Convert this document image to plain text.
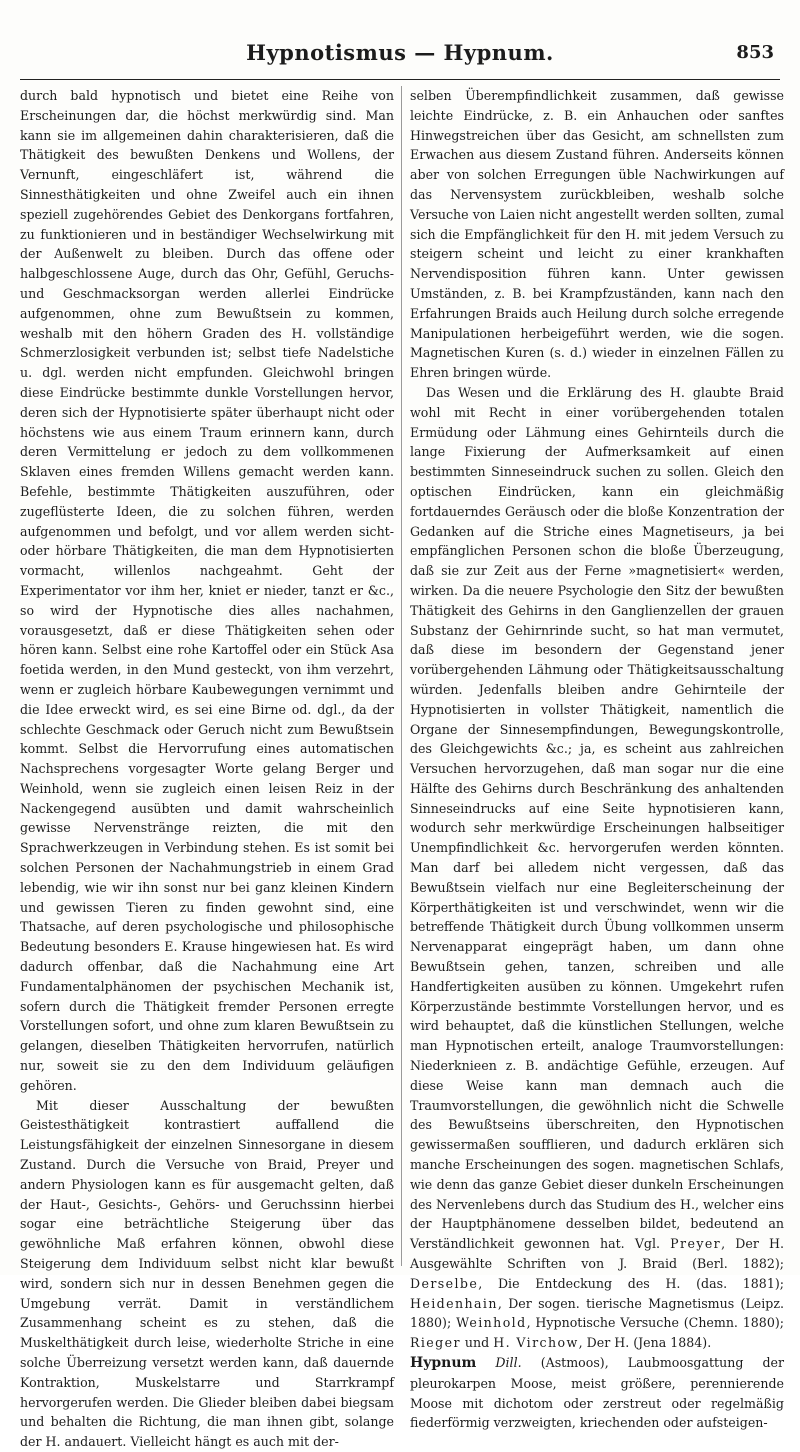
Hypnotismus — Hypnum.	853

durch bald hypnotisch und bietet eine Reihe von Erscheinungen dar, die höchst merkwürdig sind. Man kann sie im allgemeinen dahin charakterisieren, daß die Thätigkeit des bewußten Denkens und Wollens, der Vernunft, eingeschläfert ist, während die Sinnesthätigkeiten und ohne Zweifel auch ein ihnen speziell zugehörendes Gebiet des Denkorgans fortfahren, zu funktionieren und in beständiger Wechselwirkung mit der Außenwelt zu bleiben. Durch das offene oder halbgeschlossene Auge, durch das Ohr, Gefühl, Geruchs- und Geschmacksorgan werden allerlei Eindrücke aufgenommen, ohne zum Bewußtsein zu kommen, weshalb mit den höhern Graden des H. vollständige Schmerzlosigkeit verbunden ist; selbst tiefe Nadelstiche u. dgl. werden nicht empfunden. Gleichwohl bringen diese Eindrücke bestimmte dunkle Vorstellungen hervor, deren sich der Hypnotisierte später überhaupt nicht oder höchstens wie aus einem Traum erinnern kann, durch deren Vermittelung er jedoch zu dem vollkommenen Sklaven eines fremden Willens gemacht werden kann. Befehle, bestimmte Thätigkeiten auszuführen, oder zugeflüsterte Ideen, die zu solchen führen, werden aufgenommen und befolgt, und vor allem werden sicht- oder hörbare Thätigkeiten, die man dem Hypnotisierten vormacht, willenlos nachgeahmt. Geht der Experimentator vor ihm her, kniet er nieder, tanzt er &c., so wird der Hypnotische dies alles nachahmen, vorausgesetzt, daß er diese Thätigkeiten sehen oder hören kann. Selbst eine rohe Kartoffel oder ein Stück Asa foetida werden, in den Mund gesteckt, von ihm verzehrt, wenn er zugleich hörbare Kaubewegungen vernimmt und die Idee erweckt wird, es sei eine Birne od. dgl., da der schlechte Geschmack oder Geruch nicht zum Bewußtsein kommt. Selbst die Hervorrufung eines automatischen Nachsprechens vorgesagter Worte gelang Berger und Weinhold, wenn sie zugleich einen leisen Reiz in der Nackengegend ausübten und damit wahrscheinlich gewisse Nervenstränge reizten, die mit den Sprachwerkzeugen in Verbindung stehen. Es ist somit bei solchen Personen der Nachahmungstrieb in einem Grad lebendig, wie wir ihn sonst nur bei ganz kleinen Kindern und gewissen Tieren zu finden gewohnt sind, eine Thatsache, auf deren psychologische und philosophische Bedeutung besonders E. Krause hingewiesen hat. Es wird dadurch offenbar, daß die Nachahmung eine Art Fundamentalphänomen der psychischen Mechanik ist, sofern durch die Thätigkeit fremder Personen erregte Vorstellungen sofort, und ohne zum klaren Bewußtsein zu gelangen, dieselben Thätigkeiten hervorrufen, natürlich nur, soweit sie zu den dem Individuum geläufigen gehören.

Mit dieser Ausschaltung der bewußten Geistesthätigkeit kontrastiert auffallend die Leistungsfähigkeit der einzelnen Sinnesorgane in diesem Zustand. Durch die Versuche von Braid, Preyer und andern Physiologen kann es für ausgemacht gelten, daß der Haut-, Gesichts-, Gehörs- und Geruchssinn hierbei sogar eine beträchtliche Steigerung über das gewöhnliche Maß erfahren können, obwohl diese Steigerung dem Individuum selbst nicht klar bewußt wird, sondern sich nur in dessen Benehmen gegen die Umgebung verrät. Damit in verständlichem Zusammenhang scheint es zu stehen, daß die Muskelthätigkeit durch leise, wiederholte Striche in eine solche Überreizung versetzt werden kann, daß dauernde Kontraktion, Muskelstarre und Starrkrampf hervorgerufen werden. Die Glieder bleiben dabei biegsam und behalten die Richtung, die man ihnen gibt, solange der H. andauert. Vielleicht hängt es auch mit der-

selben Überempfindlichkeit zusammen, daß gewisse leichte Eindrücke, z. B. ein Anhauchen oder sanftes Hinwegstreichen über das Gesicht, am schnellsten zum Erwachen aus diesem Zustand führen. Anderseits können aber von solchen Erregungen üble Nachwirkungen auf das Nervensystem zurückbleiben, weshalb solche Versuche von Laien nicht angestellt werden sollten, zumal sich die Empfänglichkeit für den H. mit jedem Versuch zu steigern scheint und leicht zu einer krankhaften Nervendisposition führen kann. Unter gewissen Umständen, z. B. bei Krampfzuständen, kann nach den Erfahrungen Braids auch Heilung durch solche erregende Manipulationen herbeigeführt werden, wie die sogen. Magnetischen Kuren (s. d.) wieder in einzelnen Fällen zu Ehren bringen würde.

Das Wesen und die Erklärung des H. glaubte Braid wohl mit Recht in einer vorübergehenden totalen Ermüdung oder Lähmung eines Gehirnteils durch die lange Fixierung der Aufmerksamkeit auf einen bestimmten Sinneseindruck suchen zu sollen. Gleich den optischen Eindrücken, kann ein gleichmäßig fortdauerndes Geräusch oder die bloße Konzentration der Gedanken auf die Striche eines Magnetiseurs, ja bei empfänglichen Personen schon die bloße Überzeugung, daß sie zur Zeit aus der Ferne »magnetisiert« werden, wirken. Da die neuere Psychologie den Sitz der bewußten Thätigkeit des Gehirns in den Ganglienzellen der grauen Substanz der Gehirnrinde sucht, so hat man vermutet, daß diese im besondern der Gegenstand jener vorübergehenden Lähmung oder Thätigkeitsausschaltung würden. Jedenfalls bleiben andre Gehirnteile der Hypnotisierten in vollster Thätigkeit, namentlich die Organe der Sinnesempfindungen, Bewegungskontrolle, des Gleichgewichts &c.; ja, es scheint aus zahlreichen Versuchen hervorzugehen, daß man sogar nur die eine Hälfte des Gehirns durch Beschränkung des anhaltenden Sinneseindrucks auf eine Seite hypnotisieren kann, wodurch sehr merkwürdige Erscheinungen halbseitiger Unempfindlichkeit &c. hervorgerufen werden könnten. Man darf bei alledem nicht vergessen, daß das Bewußtsein vielfach nur eine Begleiterscheinung der Körperthätigkeiten ist und verschwindet, wenn wir die betreffende Thätigkeit durch Übung vollkommen unserm Nervenapparat eingeprägt haben, um dann ohne Bewußtsein gehen, tanzen, schreiben und alle Handfertigkeiten ausüben zu können. Umgekehrt rufen Körperzustände bestimmte Vorstellungen hervor, und es wird behauptet, daß die künstlichen Stellungen, welche man Hypnotischen erteilt, analoge Traumvorstellungen: Niederknieen z. B. andächtige Gefühle, erzeugen. Auf diese Weise kann man demnach auch die Traumvorstellungen, die gewöhnlich nicht die Schwelle des Bewußtseins überschreiten, den Hypnotischen gewissermaßen soufflieren, und dadurch erklären sich manche Erscheinungen des sogen. magnetischen Schlafs, wie denn das ganze Gebiet dieser dunkeln Erscheinungen des Nervenlebens durch das Studium des H., welcher eins der Hauptphänomene desselben bildet, bedeutend an Verständlichkeit gewonnen hat. Vgl. Preyer, Der H. Ausgewählte Schriften von J. Braid (Berl. 1882); Derselbe, Die Entdeckung des H. (das. 1881); Heidenhain, Der sogen. tierische Magnetismus (Leipz. 1880); Weinhold, Hypnotische Versuche (Chemn. 1880); Rieger und H. Virchow, Der H. (Jena 1884).

Hypnum Dill. (Astmoos), Laubmoosgattung der pleurokarpen Moose, meist größere, perennierende Moose mit dichotom oder zerstreut oder regelmäßig fiederförmig verzweigten, kriechenden oder aufsteigen-
